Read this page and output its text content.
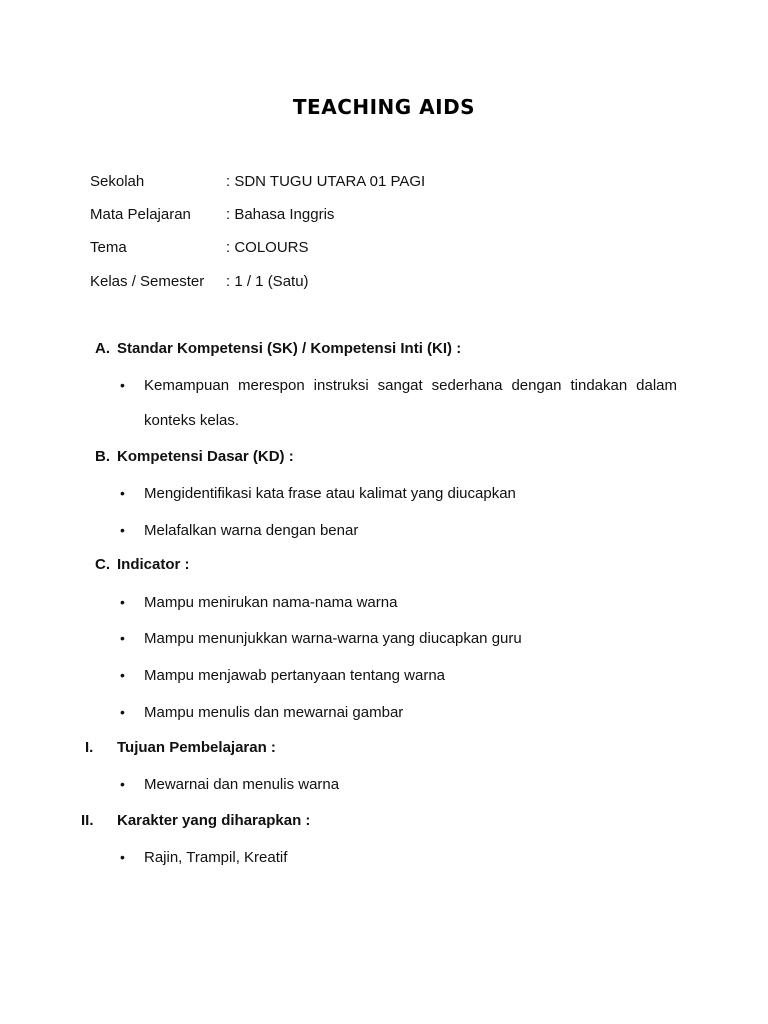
TEACHING AIDS
Sekolah	: SDN TUGU UTARA 01 PAGI
Mata Pelajaran	: Bahasa Inggris
Tema	: COLOURS
Kelas / Semester	: 1 / 1 (Satu)
A. Standar Kompetensi (SK) / Kompetensi Inti (KI) :
• Kemampuan merespon instruksi sangat sederhana dengan tindakan dalam konteks kelas.
B. Kompetensi Dasar (KD) :
• Mengidentifikasi kata frase atau kalimat yang diucapkan
• Melafalkan warna dengan benar
C. Indicator :
• Mampu menirukan nama-nama warna
• Mampu menunjukkan warna-warna yang diucapkan guru
• Mampu menjawab pertanyaan tentang warna
• Mampu menulis dan mewarnai gambar
I. Tujuan Pembelajaran :
• Mewarnai dan menulis warna
II. Karakter yang diharapkan :
• Rajin, Trampil, Kreatif
